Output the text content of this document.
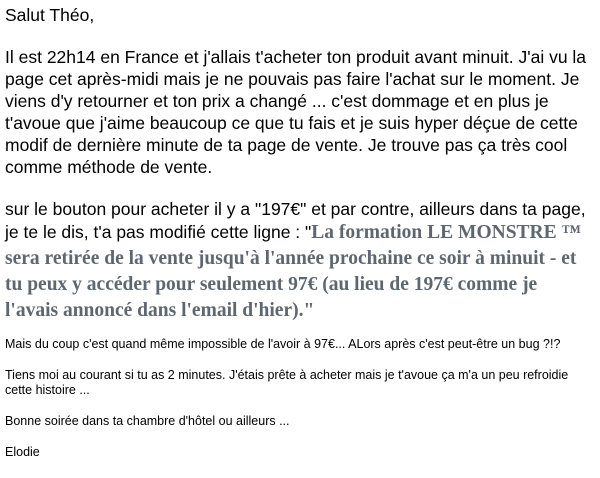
Salut Théo,

Il est 22h14 en France et j'allais t'acheter ton produit avant minuit. J'ai vu la page cet après-midi mais je ne pouvais pas faire l'achat sur le moment. Je viens d'y retourner et ton prix a changé ... c'est dommage et en plus je t'avoue que j'aime beaucoup ce que tu fais et je suis hyper déçue de cette modif de dernière minute de ta page de vente. Je trouve pas ça très cool comme méthode de vente.

sur le bouton pour acheter il y a "197€" et par contre, ailleurs dans ta page, je te le dis, t'a pas modifié cette ligne : "La formation LE MONSTRE ™ sera retirée de la vente jusqu'à l'année prochaine ce soir à minuit - et tu peux y accéder pour seulement 97€ (au lieu de 197€ comme je l'avais annoncé dans l'email d'hier)."

Mais du coup c'est quand même impossible de l'avoir à 97€... ALors après c'est peut-être un bug ?!?

Tiens moi au courant si tu as 2 minutes. J'étais prête à acheter mais je t'avoue ça m'a un peu refroidie cette histoire ...

Bonne soirée dans ta chambre d'hôtel ou ailleurs ...

Elodie
